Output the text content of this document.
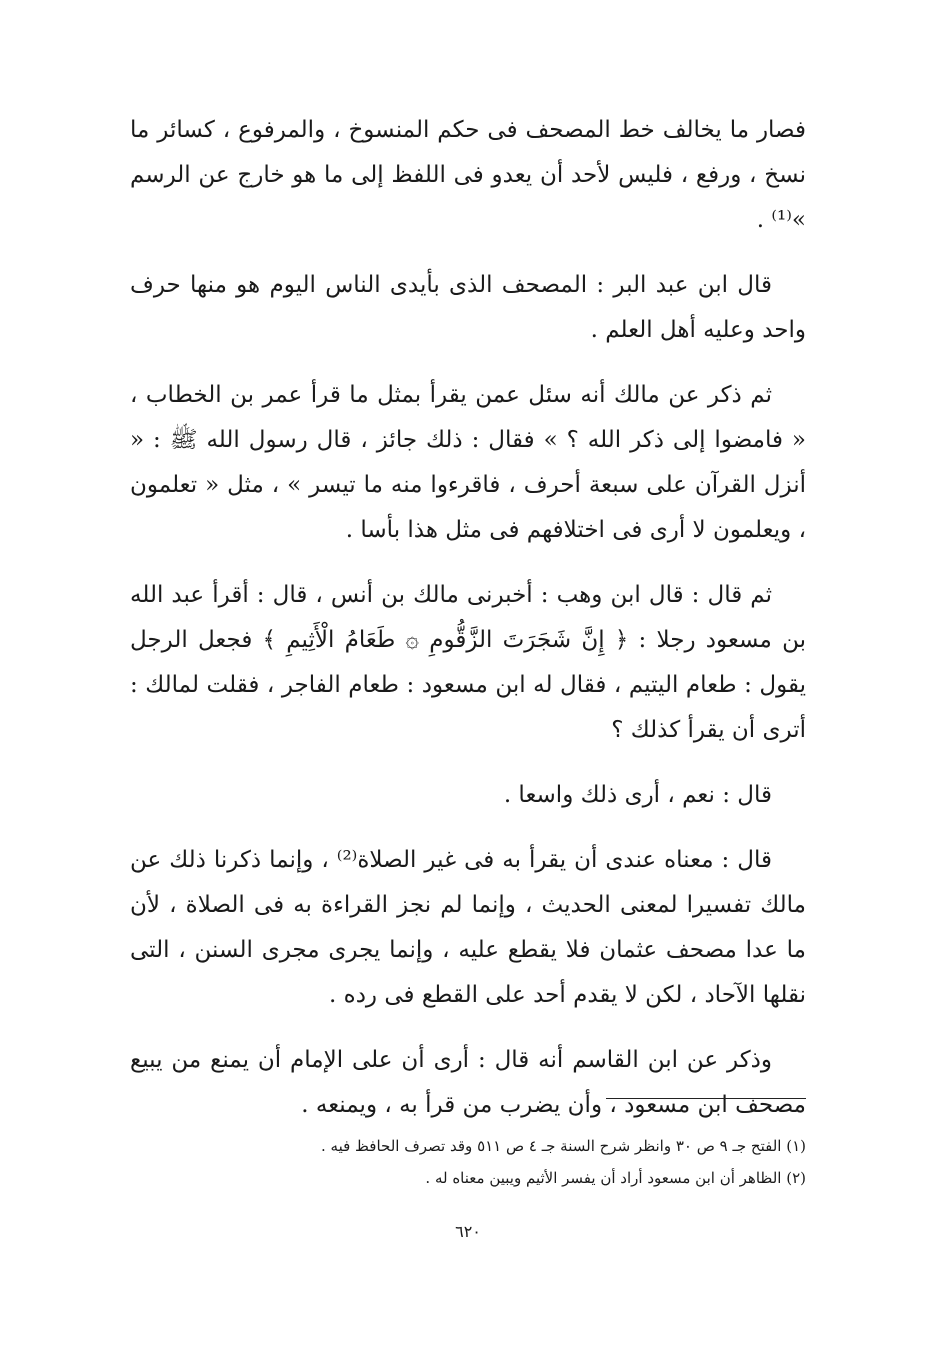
فصار ما يخالف خط المصحف فى حكم المنسوخ ، والمرفوع ، كسائر ما نسخ ، ورفع ، فليس لأحد أن يعدو فى اللفظ إلى ما هو خارج عن الرسم »⁽¹⁾ .

قال ابن عبد البر : المصحف الذى بأيدى الناس اليوم هو منها حرف واحد وعليه أهل العلم .

ثم ذكر عن مالك أنه سئل عمن يقرأ بمثل ما قرأ عمر بن الخطاب ، « فامضوا إلى ذكر الله ؟ » فقال : ذلك جائز ، قال رسول الله ﷺ : « أنزل القرآن على سبعة أحرف ، فاقرءوا منه ما تيسر » ، مثل « تعلمون ، ويعلمون لا أرى فى اختلافهم فى مثل هذا بأسا .

ثم قال : قال ابن وهب : أخبرنى مالك بن أنس ، قال : أقرأ عبد الله بن مسعود رجلا : ﴿ إِنَّ شَجَرَتَ الزَّقُّومِ ۞ طَعَامُ الْأَثِيمِ ﴾ فجعل الرجل يقول : طعام اليتيم ، فقال له ابن مسعود : طعام الفاجر ، فقلت لمالك : أترى أن يقرأ كذلك ؟

قال : نعم ، أرى ذلك واسعا .

قال : معناه عندى أن يقرأ به فى غير الصلاة⁽²⁾ ، وإنما ذكرنا ذلك عن مالك تفسيرا لمعنى الحديث ، وإنما لم نجز القراءة به فى الصلاة ، لأن ما عدا مصحف عثمان فلا يقطع عليه ، وإنما يجرى مجرى السنن ، التى نقلها الآحاد ، لكن لا يقدم أحد على القطع فى رده .

وذكر عن ابن القاسم أنه قال : أرى أن على الإمام أن يمنع من يبيع مصحف ابن مسعود ، وأن يضرب من قرأ به ، ويمنعه .

(١) الفتح جـ ٩ ص ٣٠ وانظر شرح السنة جـ ٤ ص ٥١١ وقد تصرف الحافظ فيه .

(٢) الظاهر أن ابن مسعود أراد أن يفسر الأثيم ويبين معناه له .

٦٢٠
